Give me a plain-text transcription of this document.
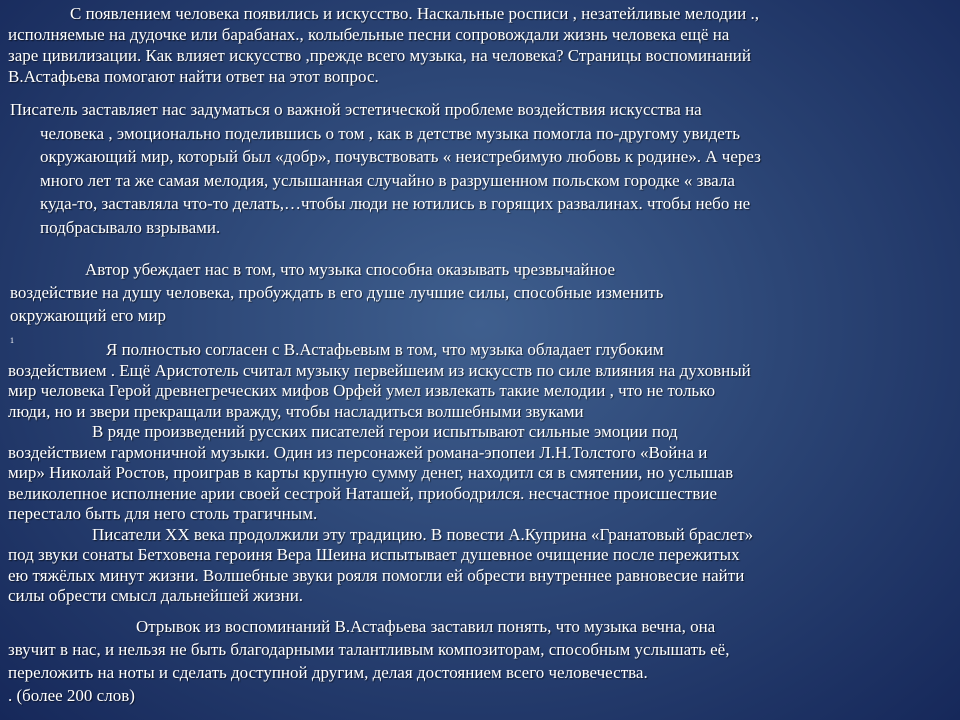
С появлением человека появились и искусство. Наскальные росписи , незатейливые мелодии .,
исполняемые на дудочке или барабанах., колыбельные песни сопровождали жизнь человека ещё на
заре цивилизации. Как влияет искусство ,прежде всего музыка, на человека? Страницы воспоминаний
В.Астафьева помогают найти ответ на этот вопрос.
Писатель заставляет нас задуматься о важной эстетической проблеме воздействия искусства на
человека , эмоционально поделившись о том , как в детстве музыка помогла по-другому увидеть
окружающий мир, который был «добр», почувствовать « неистребимую любовь к родине». А через
много лет та же самая мелодия, услышанная случайно в разрушенном польском городке « звала
куда-то, заставляла что-то делать,…чтобы люди не ютились в горящих развалинах. чтобы небо не
подбрасывало взрывами.
Автор убеждает нас в том, что музыка способна оказывать чрезвычайное
воздействие на душу человека, пробуждать в его душе лучшие силы, способные изменить
окружающий его мир
1	Я полностью согласен с В.Астафьевым в том, что музыка обладает глубоким
воздействием . Ещё Аристотель считал музыку первейшеим из искусств по силе влияния на духовный
мир человека Герой древнегреческих мифов Орфей умел извлекать такие мелодии , что не только
люди, но и звери прекращали вражду, чтобы насладиться волшебными звуками
В ряде произведений русских писателей герои испытывают сильные эмоции под
воздействием гармоничной музыки. Один из персонажей романа-эпопеи Л.Н.Толстого «Война и
мир» Николай Ростов, проиграв в карты крупную сумму денег, находитл ся в смятении, но услышав
великолепное исполнение арии своей сестрой Наташей, приободрился. несчастное происшествие
перестало быть для него столь трагичным.
Писатели ХХ века продолжили эту традицию. В повести А.Куприна «Гранатовый браслет»
под звуки сонаты Бетховена героиня Вера Шеина испытывает душевное очищение после пережитых
ею тяжёлых минут жизни. Волшебные звуки рояля помогли ей обрести внутреннее равновесие найти
силы обрести смысл дальнейшей жизни.
Отрывок из воспоминаний В.Астафьева заставил понять, что музыка вечна, она
звучит в нас, и нельзя не быть благодарными талантливым композиторам, способным услышать её,
переложить на ноты и сделать доступной другим, делая достоянием всего человечества.
. (более 200 слов)
